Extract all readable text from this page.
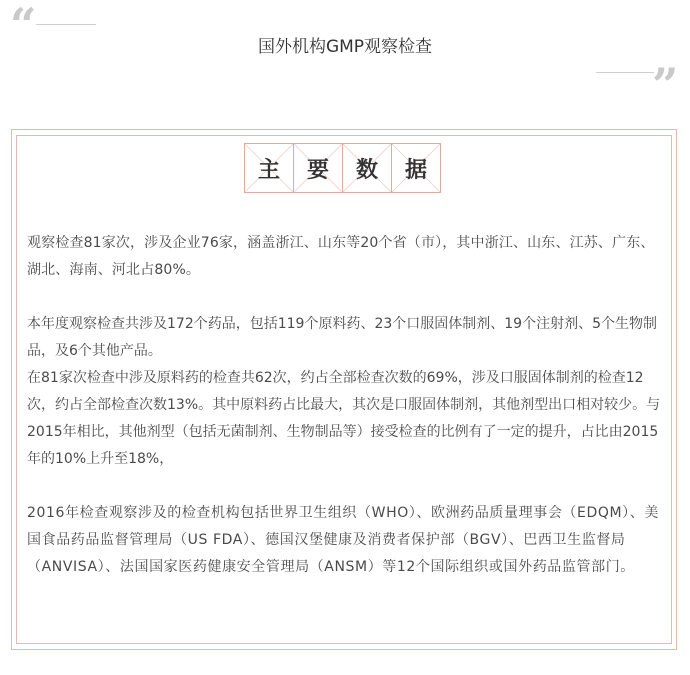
“	国外机构GMP观察检查
”
主 要 数 据

观察检查81家次，涉及企业76家，涵盖浙江、山东等20个省（市），其中浙江、山东、江苏、广东、湖北、海南、河北占80%。

本年度观察检查共涉及172个药品，包括119个原料药、23个口服固体制剂、19个注射剂、5个生物制品，及6个其他产品。

在81家次检查中涉及原料药的检查共62次，约占全部检查次数的69%，涉及口服固体制剂的检查12次，约占全部检查次数13%。其中原料药占比最大，其次是口服固体制剂，其他剂型出口相对较少。与2015年相比，其他剂型（包括无菌制剂、生物制品等）接受检查的比例有了一定的提升，占比由2015年的10%上升至18%，

2016年检查观察涉及的检查机构包括世界卫生组织（WHO）、欧洲药品质量理事会（EDQM）、美国食品药品监督管理局（US FDA）、德国汉堡健康及消费者保护部（BGV）、巴西卫生监督局（ANVISA）、法国国家医药健康安全管理局（ANSM）等12个国际组织或国外药品监管部门。
